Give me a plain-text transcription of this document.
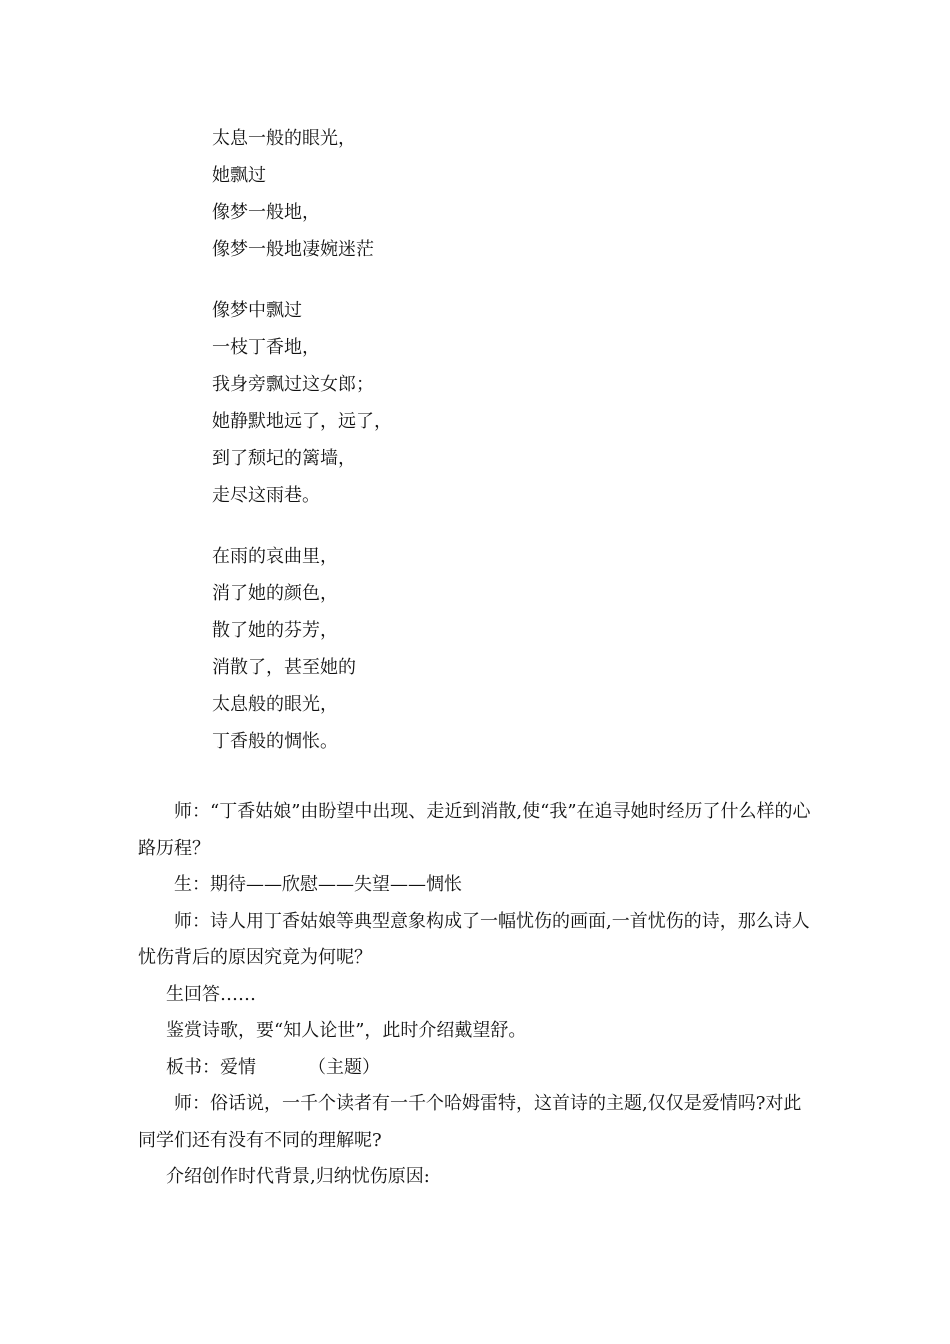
太息一般的眼光，
她飘过
像梦一般地，
像梦一般地凄婉迷茫
像梦中飘过
一枝丁香地，
我身旁飘过这女郎；
她静默地远了，远了，
到了颓圮的篱墙，
走尽这雨巷。
在雨的哀曲里，
消了她的颜色，
散了她的芬芳，
消散了，甚至她的
太息般的眼光，
丁香般的惆怅。

师：“丁香姑娘”由盼望中出现、走近到消散,使“我”在追寻她时经历了什么样的心路历程？

生：期待——欣慰——失望——惆怅

师：诗人用丁香姑娘等典型意象构成了一幅忧伤的画面,一首忧伤的诗，那么诗人忧伤背后的原因究竟为何呢？

生回答……

鉴赏诗歌，要“知人论世”，此时介绍戴望舒。

板书：爱情	（主题）

师：俗话说，一千个读者有一千个哈姆雷特，这首诗的主题,仅仅是爱情吗?对此同学们还有没有不同的理解呢?

介绍创作时代背景,归纳忧伤原因:
